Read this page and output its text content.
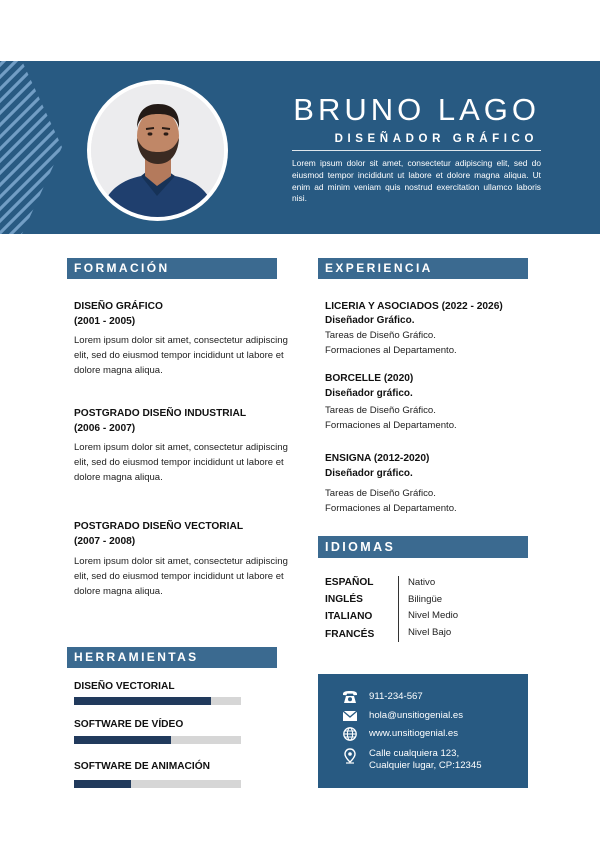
BRUNO LAGO
DISEÑADOR GRÁFICO
Lorem ipsum dolor sit amet, consectetur adipiscing elit, sed do eiusmod tempor incididunt ut labore et dolore magna aliqua. Ut enim ad minim veniam quis nostrud exercitation ullamco laboris nisi.
FORMACIÓN
DISEÑO GRÁFICO
(2001 - 2005)
Lorem ipsum dolor sit amet, consectetur adipiscing elit, sed do eiusmod tempor incididunt ut labore et dolore magna aliqua.
POSTGRADO DISEÑO INDUSTRIAL
(2006 - 2007)
Lorem ipsum dolor sit amet, consectetur adipiscing elit, sed do eiusmod tempor incididunt ut labore et dolore magna aliqua.
POSTGRADO DISEÑO VECTORIAL
(2007 - 2008)
Lorem ipsum dolor sit amet, consectetur adipiscing elit, sed do eiusmod tempor incididunt ut labore et dolore magna aliqua.
EXPERIENCIA
LICERIA Y ASOCIADOS (2022 - 2026)
Diseñador Gráfico.
Tareas de Diseño Gráfico.
Formaciones al Departamento.
BORCELLE (2020)
Diseñador gráfico.
Tareas de Diseño Gráfico.
Formaciones al Departamento.
ENSIGNA (2012-2020)
Diseñador gráfico.
Tareas de Diseño Gráfico.
Formaciones al Departamento.
IDIOMAS
ESPAÑOL	Nativo
INGLÉS	Bilingüe
ITALIANO	Nivel Medio
FRANCÉS	Nivel Bajo
HERRAMIENTAS
DISEÑO VECTORIAL
SOFTWARE DE VÍDEO
SOFTWARE DE ANIMACIÓN
911-234-567
hola@unsitiogenial.es
www.unsitiogenial.es
Calle cualquiera 123,
Cualquier lugar, CP:12345
